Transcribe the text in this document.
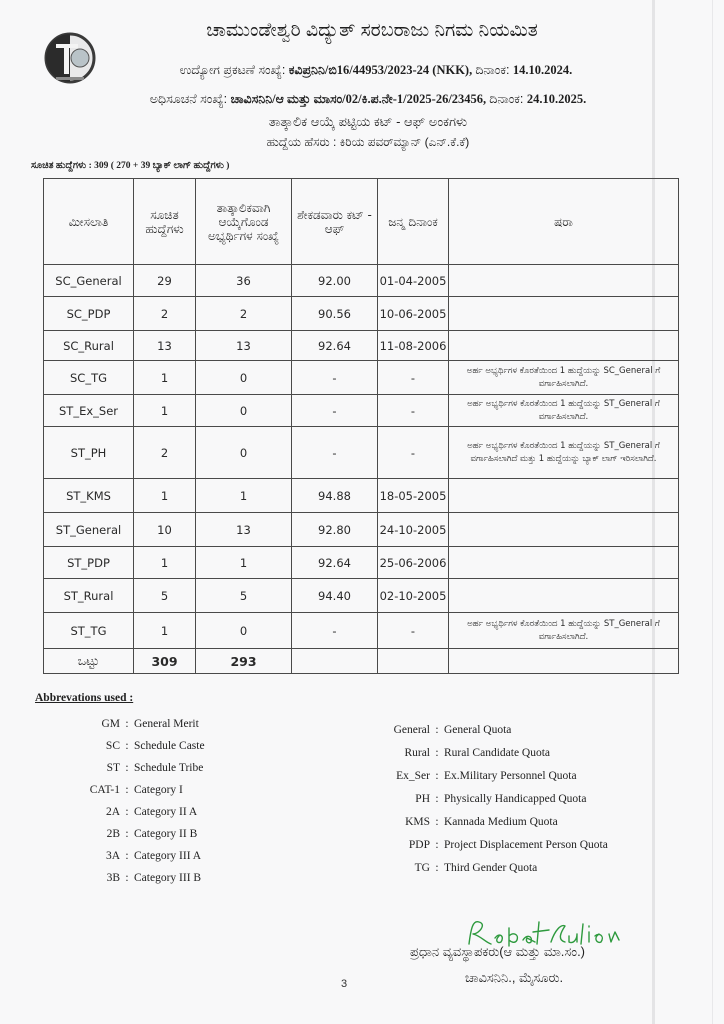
ಚಾಮುಂಡೇಶ್ವರಿ ವಿದ್ಯುತ್ ಸರಬರಾಜು ನಿಗಮ ನಿಯಮಿತ
ಉದ್ಯೋಗ ಪ್ರಕಟಣೆ ಸಂಖ್ಯೆ: ಕವಿಪ್ರನಿನಿ/ಬಿ16/44953/2023-24 (NKK), ದಿನಾಂಕ: 14.10.2024.
ಅಧಿಸೂಚನೆ ಸಂಖ್ಯೆ: ಚಾವಿಸನಿನಿ/ಆ ಮತ್ತು ಮಾಸಂ/02/ಕಿ.ಪ.ನೇ-1/2025-26/23456, ದಿನಾಂಕ: 24.10.2025.
ತಾತ್ಕಾಲಿಕ ಆಯ್ಕೆ ಪಟ್ಟಿಯ ಕಟ್ - ಆಫ್ ಅಂಕಗಳು
ಹುದ್ದೆಯ ಹೆಸರು : ಕಿರಿಯ ಪವರ್‌ಮ್ಯಾನ್ (ಎನ್.ಕೆ.ಕೆ)
ಸೂಚಿತ ಹುದ್ದೆಗಳು : 309 ( 270 + 39 ಬ್ಯಾಕ್ ಲಾಗ್ ಹುದ್ದೆಗಳು )
ಮೀಸಲಾತಿ	ಸೂಚಿತ ಹುದ್ದೆಗಳು	ತಾತ್ಕಾಲಿಕವಾಗಿ ಆಯ್ಕೆಗೊಂಡ ಅಭ್ಯರ್ಥಿಗಳ ಸಂಖ್ಯೆ	ಶೇಕಡವಾರು ಕಟ್ - ಆಫ್	ಜನ್ಮ ದಿನಾಂಕ	ಷರಾ
SC_General	29	36	92.00	01-04-2005	
SC_PDP	2	2	90.56	10-06-2005	
SC_Rural	13	13	92.64	11-08-2006	
SC_TG	1	0	-	-	ಅರ್ಹ ಅಭ್ಯರ್ಥಿಗಳ ಕೊರತೆಯಿಂದ 1 ಹುದ್ದೆಯನ್ನು SC_General ಗೆ ವರ್ಗಾಹಿಸಲಾಗಿದೆ.
ST_Ex_Ser	1	0	-	-	ಅರ್ಹ ಅಭ್ಯರ್ಥಿಗಳ ಕೊರತೆಯಿಂದ 1 ಹುದ್ದೆಯನ್ನು ST_General ಗೆ ವರ್ಗಾಹಿಸಲಾಗಿದೆ.
ST_PH	2	0	-	-	ಅರ್ಹ ಅಭ್ಯರ್ಥಿಗಳ ಕೊರತೆಯಿಂದ 1 ಹುದ್ದೆಯನ್ನು ST_General ಗೆ ವರ್ಗಾಹಿಸಲಾಗಿದೆ ಮತ್ತು 1 ಹುದ್ದೆಯನ್ನು ಬ್ಯಾಕ್ ಲಾಗ್ ಇರಿಸಲಾಗಿದೆ.
ST_KMS	1	1	94.88	18-05-2005	
ST_General	10	13	92.80	24-10-2005	
ST_PDP	1	1	92.64	25-06-2006	
ST_Rural	5	5	94.40	02-10-2005	
ST_TG	1	0	-	-	ಅರ್ಹ ಅಭ್ಯರ್ಥಿಗಳ ಕೊರತೆಯಿಂದ 1 ಹುದ್ದೆಯನ್ನು ST_General ಗೆ ವರ್ಗಾಹಿಸಲಾಗಿದೆ.
ಒಟ್ಟು	309	293			
Abbrevations used :
GM : General Merit
SC : Schedule Caste
ST : Schedule Tribe
CAT-1 : Category I
2A : Category II A
2B : Category II B
3A : Category III A
3B : Category III B
General : General Quota
Rural : Rural Candidate Quota
Ex_Ser : Ex.Military Personnel Quota
PH : Physically Handicapped Quota
KMS : Kannada Medium Quota
PDP : Project Displacement Person Quota
TG : Third Gender Quota
ಪ್ರಧಾನ ವ್ಯವಸ್ಥಾಪಕರು(ಆ ಮತ್ತು ಮಾ.ಸಂ.)
ಚಾವಿಸನಿನಿ., ಮೈಸೂರು.
3
